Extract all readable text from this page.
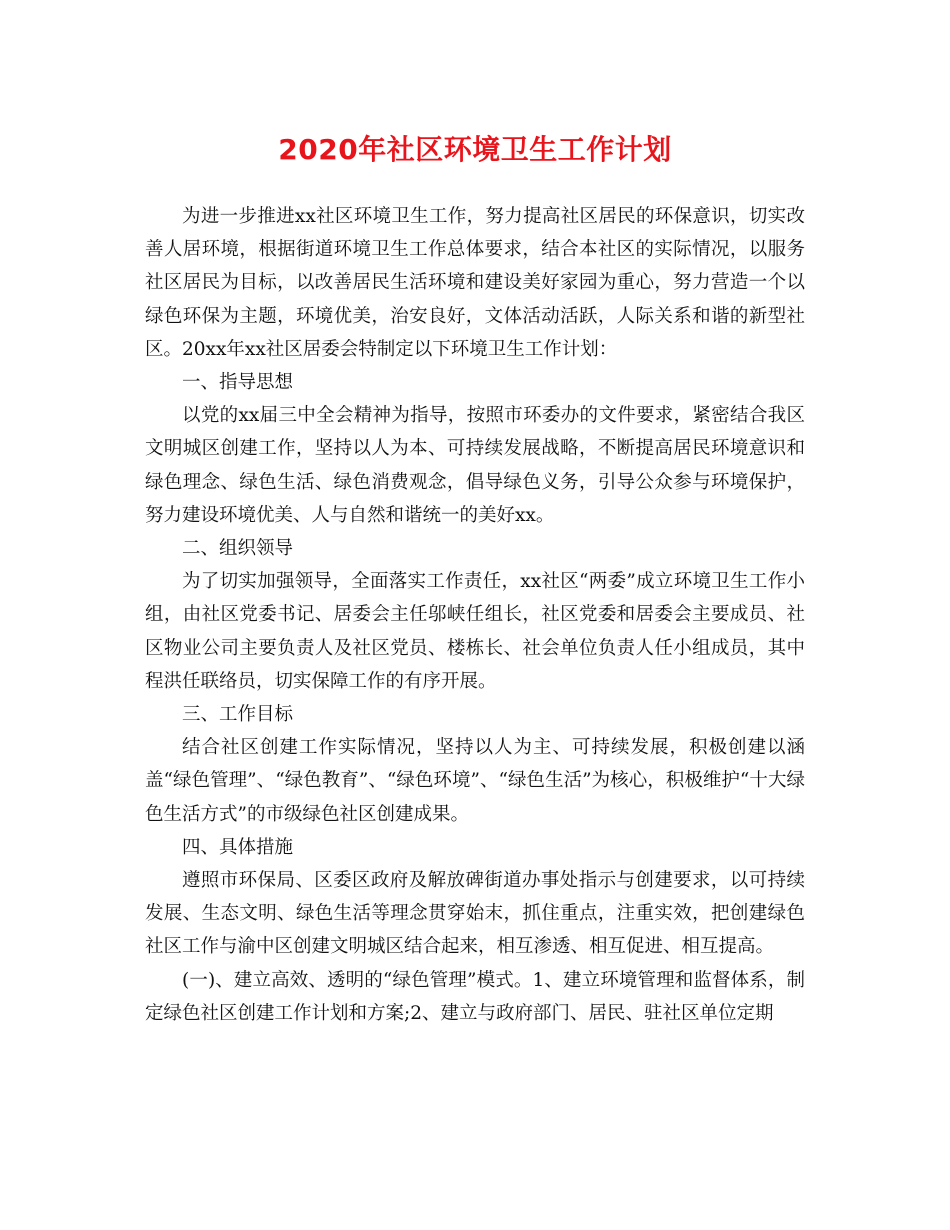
2020年社区环境卫生工作计划

为进一步推进xx社区环境卫生工作，努力提高社区居民的环保意识，切实改善人居环境，根据街道环境卫生工作总体要求，结合本社区的实际情况，以服务社区居民为目标，以改善居民生活环境和建设美好家园为重心，努力营造一个以绿色环保为主题，环境优美，治安良好，文体活动活跃，人际关系和谐的新型社区。20xx年xx社区居委会特制定以下环境卫生工作计划：

一、指导思想

以党的xx届三中全会精神为指导，按照市环委办的文件要求，紧密结合我区文明城区创建工作，坚持以人为本、可持续发展战略，不断提高居民环境意识和绿色理念、绿色生活、绿色消费观念，倡导绿色义务，引导公众参与环境保护，努力建设环境优美、人与自然和谐统一的美好xx。

二、组织领导

为了切实加强领导，全面落实工作责任，xx社区“两委”成立环境卫生工作小组，由社区党委书记、居委会主任邬峡任组长，社区党委和居委会主要成员、社区物业公司主要负责人及社区党员、楼栋长、社会单位负责人任小组成员，其中程洪任联络员，切实保障工作的有序开展。

三、工作目标

结合社区创建工作实际情况，坚持以人为主、可持续发展，积极创建以涵盖“绿色管理”、“绿色教育”、“绿色环境”、“绿色生活”为核心，积极维护“十大绿色生活方式”的市级绿色社区创建成果。

四、具体措施

遵照市环保局、区委区政府及解放碑街道办事处指示与创建要求，以可持续发展、生态文明、绿色生活等理念贯穿始末，抓住重点，注重实效，把创建绿色社区工作与渝中区创建文明城区结合起来，相互渗透、相互促进、相互提高。

(一)、建立高效、透明的“绿色管理”模式。1、建立环境管理和监督体系，制定绿色社区创建工作计划和方案;2、建立与政府部门、居民、驻社区单位定期
